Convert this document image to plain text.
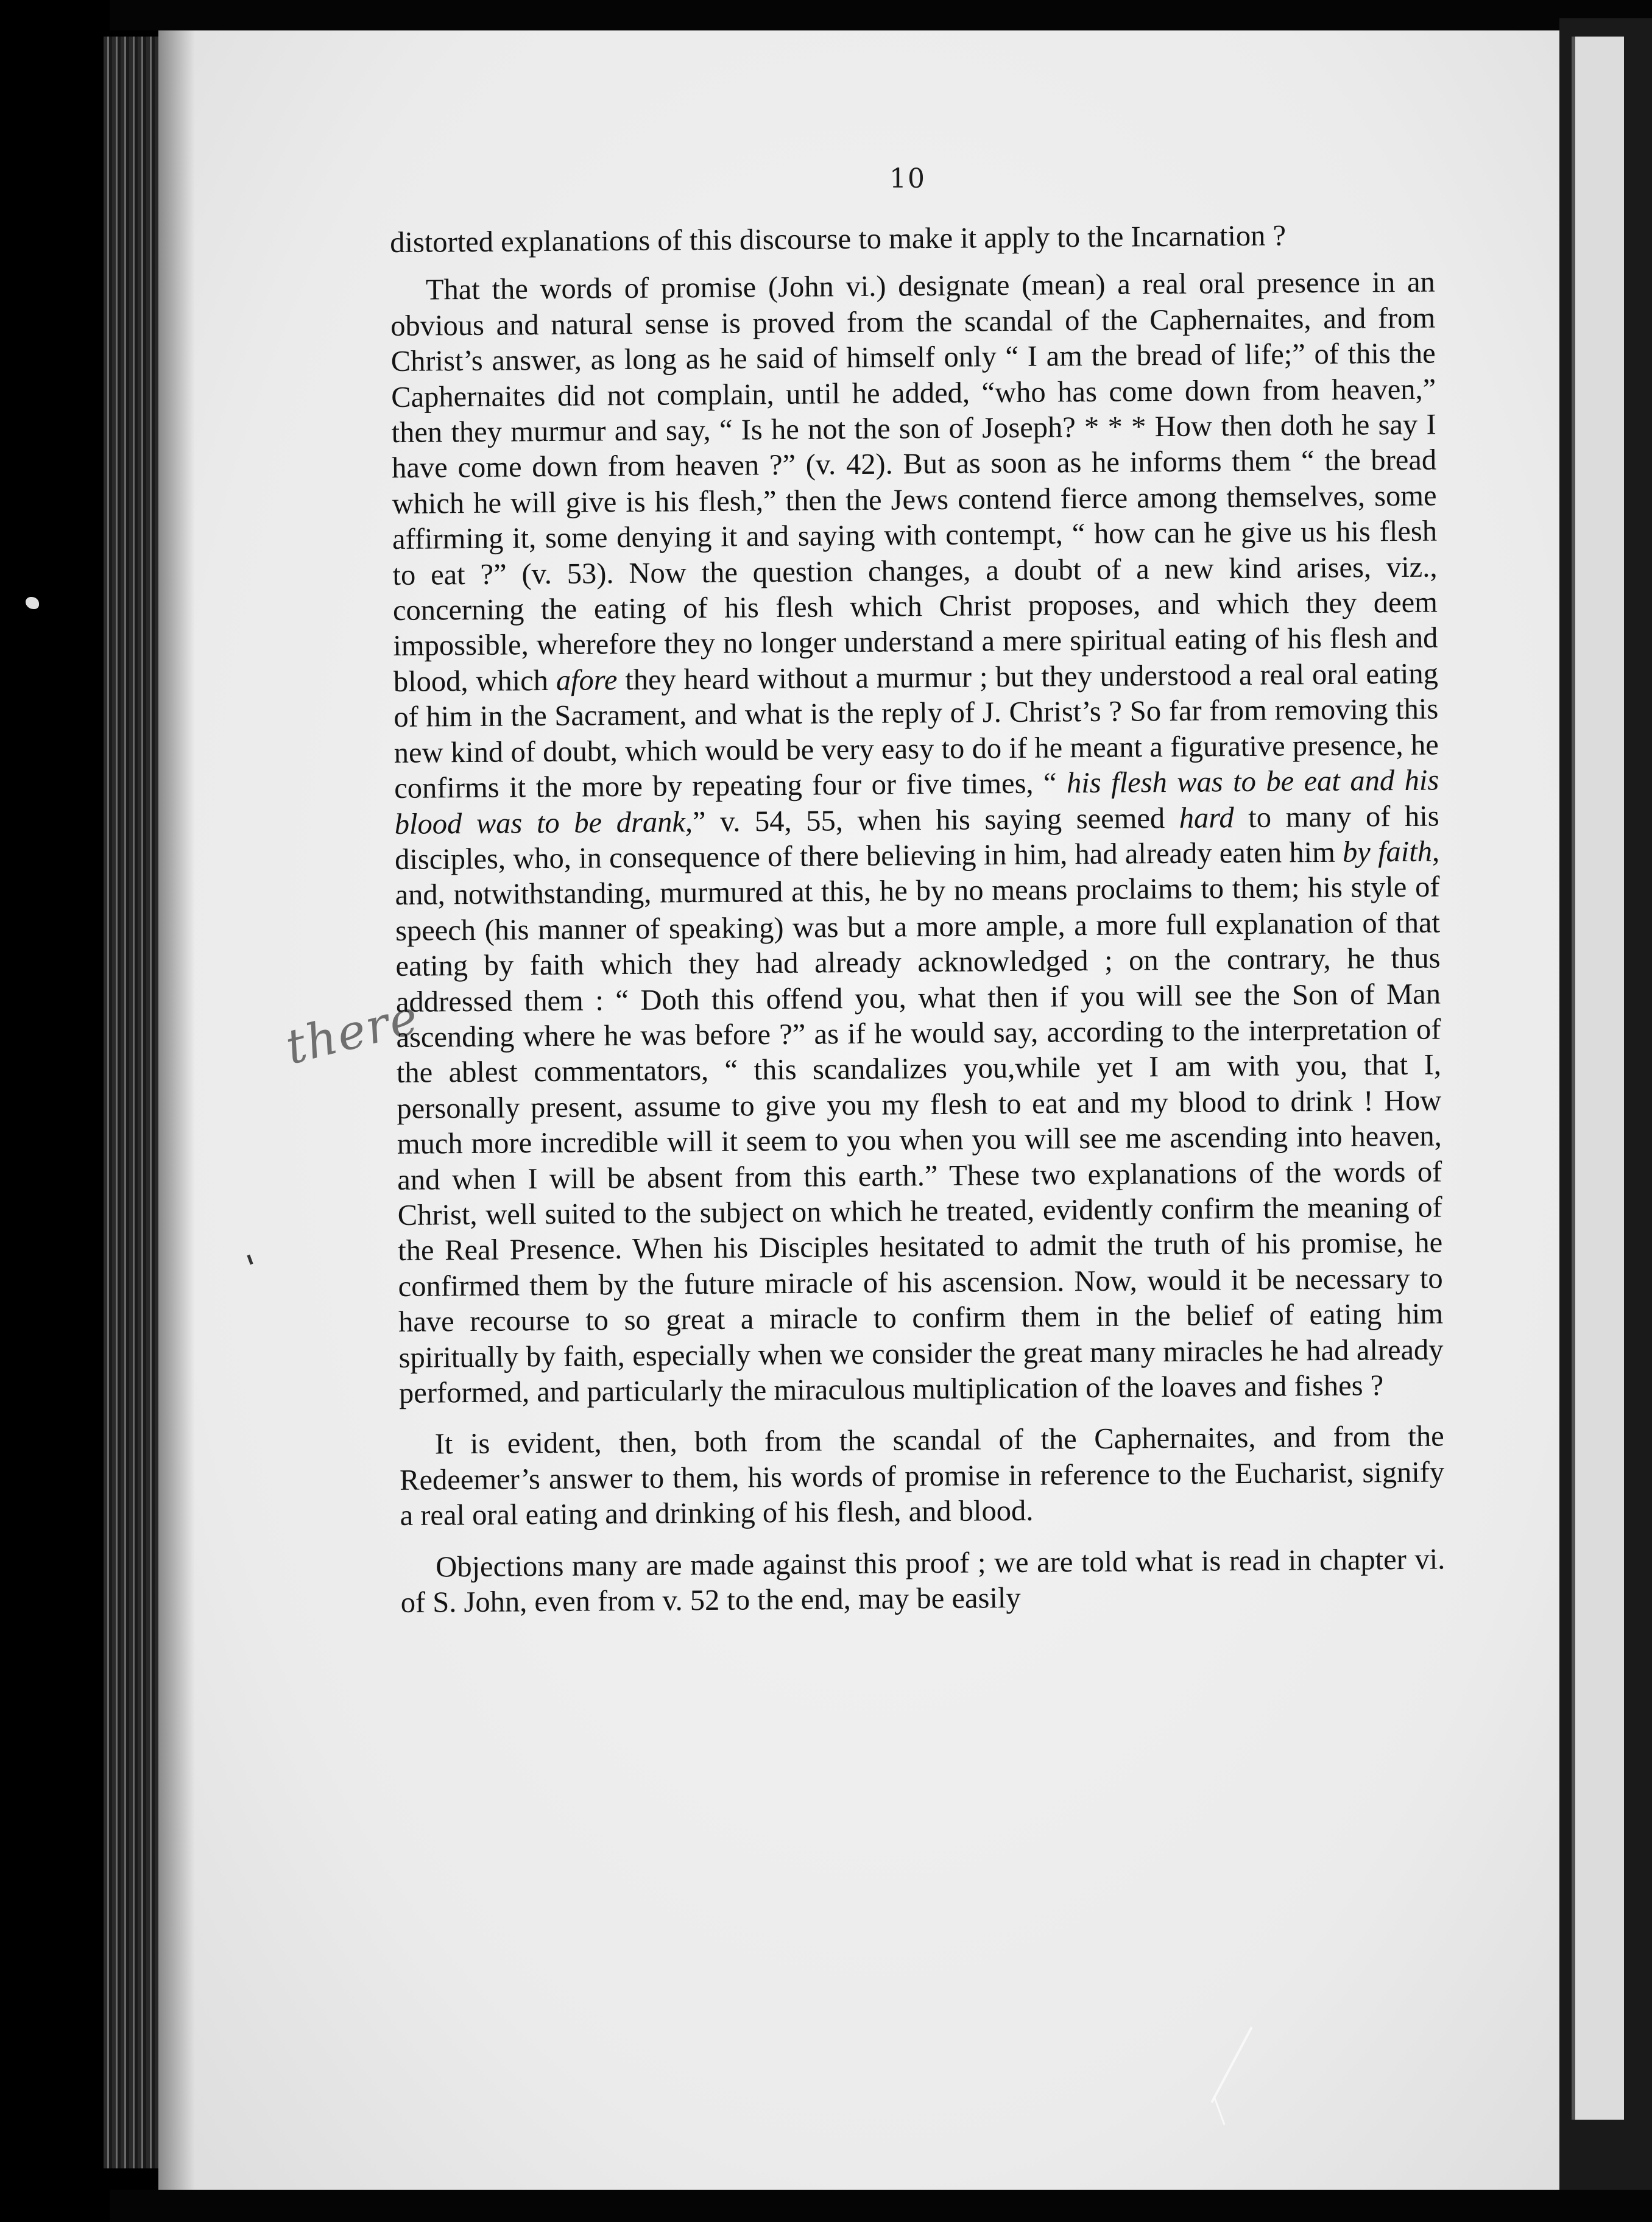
10
there

distorted explanations of this discourse to make it apply to the Incarnation ?

That the words of promise (John vi.) designate (mean) a real oral presence in an obvious and natural sense is proved from the scandal of the Caphernaites, and from Christ’s answer, as long as he said of himself only “ I am the bread of life;” of this the Caphernaites did not complain, until he added, “who has come down from heaven,” then they murmur and say, “ Is he not the son of Joseph? * * * How then doth he say I have come down from heaven ?” (v. 42). But as soon as he informs them “ the bread which he will give is his flesh,” then the Jews contend fierce among themselves, some affirming it, some denying it and saying with contempt, “ how can he give us his flesh to eat ?” (v. 53). Now the question changes, a doubt of a new kind arises, viz., concerning the eating of his flesh which Christ proposes, and which they deem impossible, wherefore they no longer understand a mere spiritual eating of his flesh and blood, which afore they heard without a murmur ; but they understood a real oral eating of him in the Sacrament, and what is the reply of J. Christ’s ? So far from removing this new kind of doubt, which would be very easy to do if he meant a figurative presence, he confirms it the more by repeating four or five times, “ his flesh was to be eat and his blood was to be drank,” v. 54, 55, when his saying seemed hard to many of his disciples, who, in consequence of there believing in him, had already eaten him by faith, and, notwithstanding, murmured at this, he by no means proclaims to them; his style of speech (his manner of speaking) was but a more ample, a more full explanation of that eating by faith which they had already acknowledged ; on the contrary, he thus addressed them : “ Doth this offend you, what then if you will see the Son of Man ascending where he was before ?” as if he would say, according to the interpretation of the ablest commentators, “ this scandalizes you,while yet I am with you, that I, personally present, assume to give you my flesh to eat and my blood to drink ! How much more incredible will it seem to you when you will see me ascending into heaven, and when I will be absent from this earth.” These two explanations of the words of Christ, well suited to the subject on which he treated, evidently confirm the meaning of the Real Presence. When his Disciples hesitated to admit the truth of his promise, he confirmed them by the future miracle of his ascension. Now, would it be necessary to have recourse to so great a miracle to confirm them in the belief of eating him spiritually by faith, especially when we consider the great many miracles he had already performed, and particularly the miraculous multiplication of the loaves and fishes ?

It is evident, then, both from the scandal of the Caphernaites, and from the Redeemer’s answer to them, his words of promise in reference to the Eucharist, signify a real oral eating and drinking of his flesh, and blood.

Objections many are made against this proof ; we are told what is read in chapter vi. of S. John, even from v. 52 to the end, may be easily
